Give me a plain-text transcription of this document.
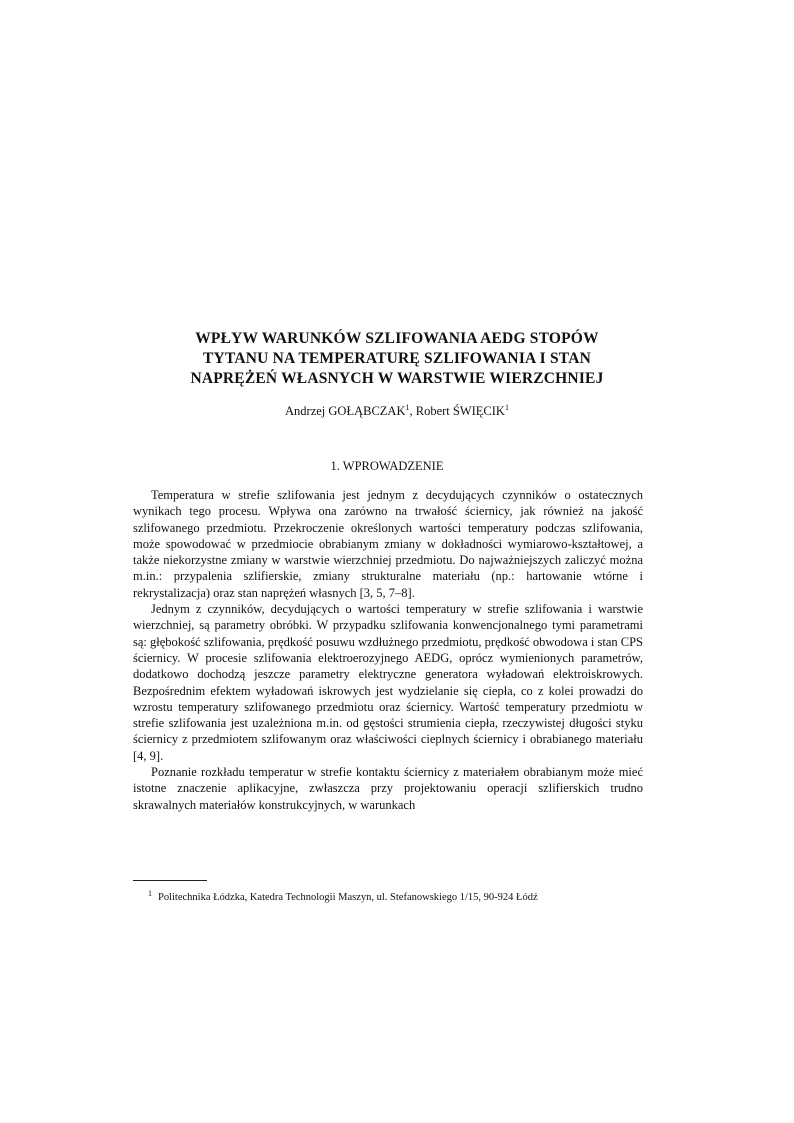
WPŁYW WARUNKÓW SZLIFOWANIA AEDG STOPÓW
TYTANU NA TEMPERATURĘ SZLIFOWANIA I STAN
NAPRĘŻEŃ WŁASNYCH W WARSTWIE WIERZCHNIEJ

Andrzej GOŁĄBCZAK$^1$, Robert ŚWIĘCIK$^1$

1. WPROWADZENIE

Temperatura w strefie szlifowania jest jednym z decydujących czynników o ostatecznych wynikach tego procesu. Wpływa ona zarówno na trwałość ściernicy, jak również na jakość szlifowanego przedmiotu. Przekroczenie określonych wartości temperatury podczas szlifowania, może spowodować w przedmiocie obrabianym zmiany w dokładności wymiarowo-kształtowej, a także niekorzystne zmiany w warstwie wierzchniej przedmiotu. Do najważniejszych zaliczyć można m.in.: przypalenia szlifierskie, zmiany strukturalne materiału (np.: hartowanie wtórne i rekrystalizacja) oraz stan naprężeń własnych [3, 5, 7–8].

Jednym z czynników, decydujących o wartości temperatury w strefie szlifowania i warstwie wierzchniej, są parametry obróbki. W przypadku szlifowania konwencjonalnego tymi parametrami są: głębokość szlifowania, prędkość posuwu wzdłużnego przedmiotu, prędkość obwodowa i stan CPS ściernicy. W procesie szlifowania elektroerozyjnego AEDG, oprócz wymienionych parametrów, dodatkowo dochodzą jeszcze parametry elektryczne generatora wyładowań elektroiskrowych. Bezpośrednim efektem wyładowań iskrowych jest wydzielanie się ciepła, co z kolei prowadzi do wzrostu temperatury szlifowanego przedmiotu oraz ściernicy. Wartość temperatury przedmiotu w strefie szlifowania jest uzależniona m.in. od gęstości strumienia ciepła, rzeczywistej długości styku ściernicy z przedmiotem szlifowanym oraz właściwości cieplnych ściernicy i obrabianego materiału [4, 9].

Poznanie rozkładu temperatur w strefie kontaktu ściernicy z materiałem obrabianym może mieć istotne znaczenie aplikacyjne, zwłaszcza przy projektowaniu operacji szlifierskich trudno skrawalnych materiałów konstrukcyjnych, w warunkach

$^1$ Politechnika Łódzka, Katedra Technologii Maszyn, ul. Stefanowskiego 1/15, 90-924 Łódź
